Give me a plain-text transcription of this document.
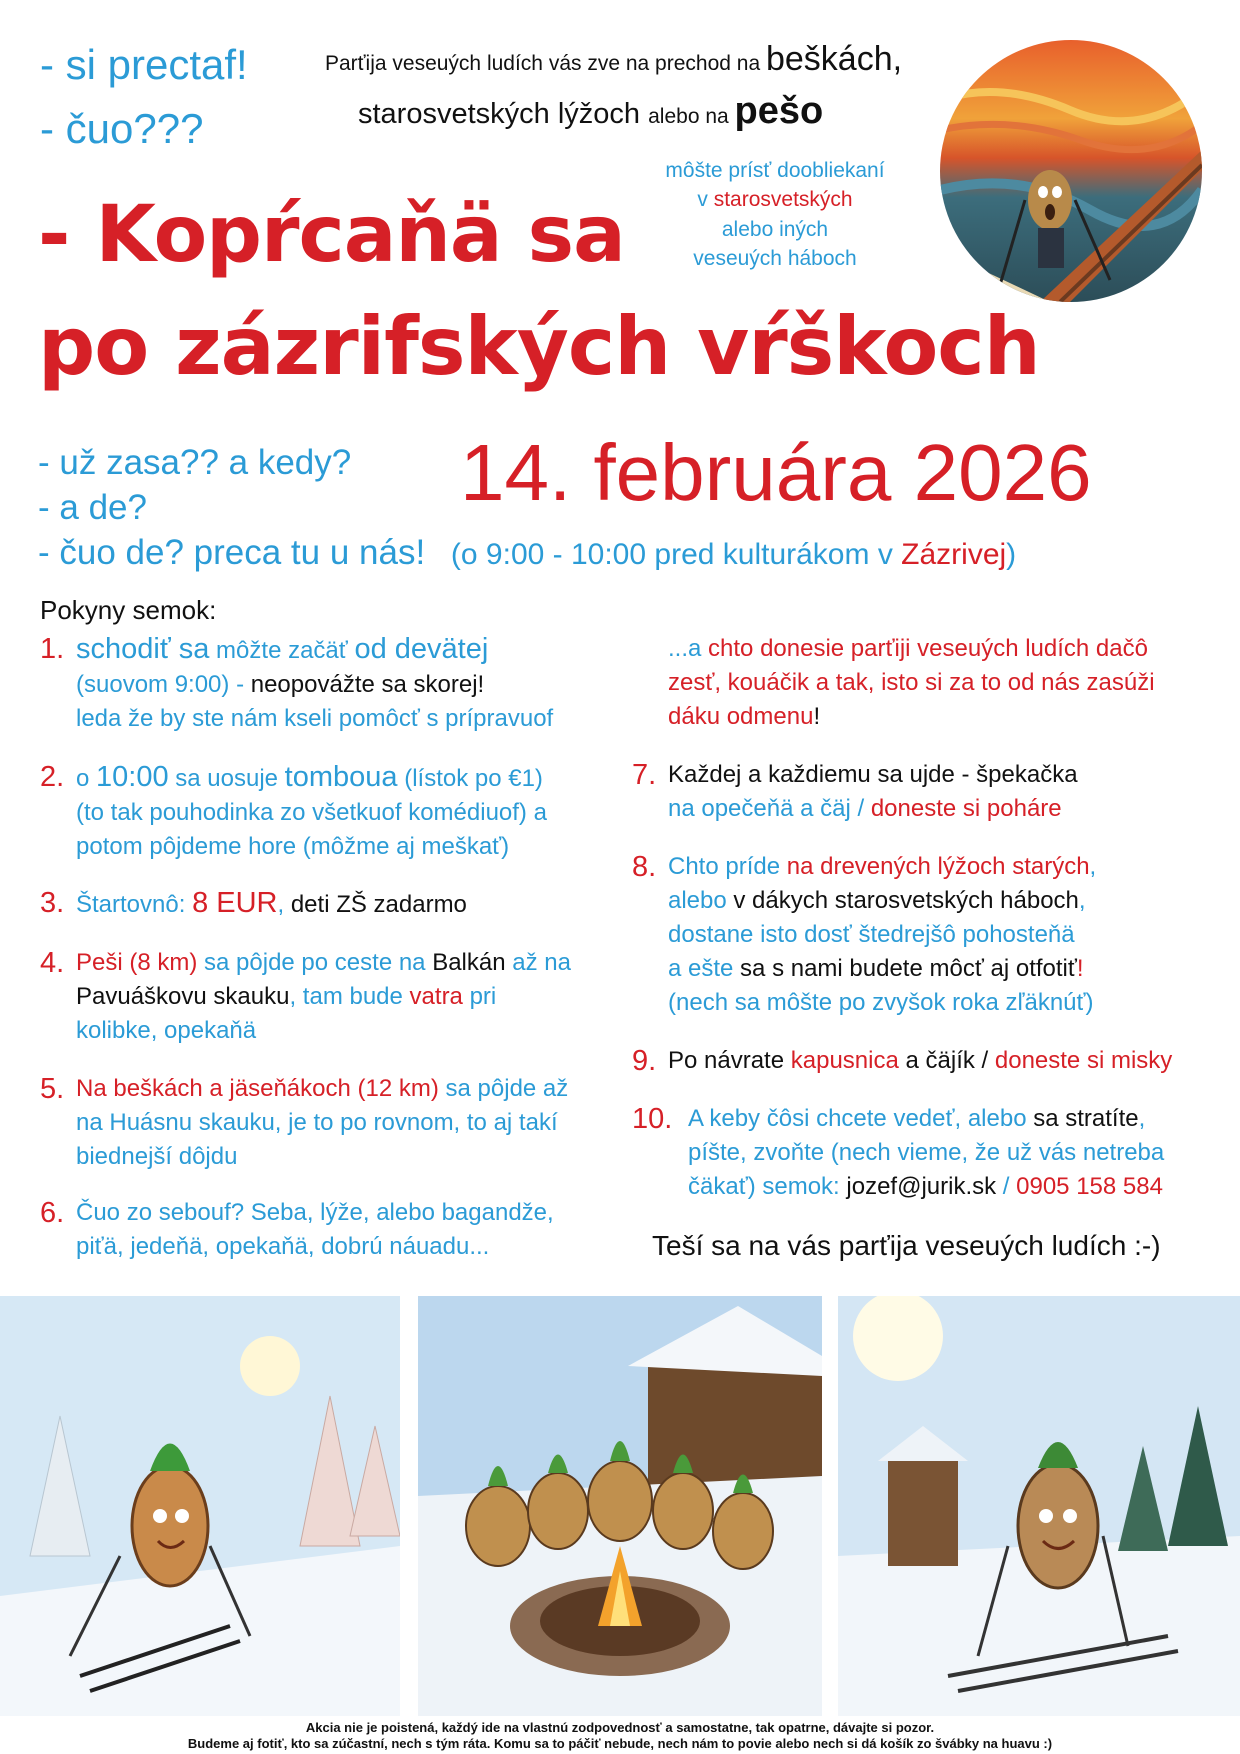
- si prectaf!
- čuo???
Parťija veseuých ludích vás zve na prechod na beškách,
starosvetských lýžoch alebo na pešo
môšte prísť doobliekaní
v starosvetských
alebo iných
veseuých háboch
- Kopŕcaňä sa
po zázrifských vŕškoch
- už zasa?? a kedy? 14. februára 2026
- a de?
- čuo de? preca tu u nás! (o 9:00 - 10:00 pred kulturákom v Zázrivej)
Pokyny semok:
1. schodiť sa môžte začäť od devätej
(suovom 9:00) - neopovážte sa skorej!
leda že by ste nám kseli pomôcť s prípravuof
2. o 10:00 sa uosuje tomboua (lístok po €1)
(to tak pouhodinka zo všetkuof komédiuof) a
potom pôjdeme hore (môžme aj meškať)
3. Štartovnô: 8 EUR, deti ZŠ zadarmo
4. Peši (8 km) sa pôjde po ceste na Balkán až na
Pavuáškovu skauku, tam bude vatra pri
kolibke, opekaňä
5. Na beškách a jäseňákoch (12 km) sa pôjde až
na Huásnu skauku, je to po rovnom, to aj takí
biednejší dôjdu
6. Čuo zo sebouf? Seba, lýže, alebo bagandže,
piťä, jedeňä, opekaňä, dobrú náuadu...
...a chto donesie parťiji veseuých ludích dačô
zesť, kouáčik a tak, isto si za to od nás zasúži
dáku odmenu!
7. Každej a každiemu sa ujde - špekačka
na opečeňä a čäj / doneste si poháre
8. Chto príde na drevených lýžoch starých,
alebo v dákych starosvetských háboch,
dostane isto dosť štedrejšô pohosteňä
a ešte sa s nami budete môcť aj otfotiť!
(nech sa môšte po zvyšok roka zľäknúť)
9. Po návrate kapusnica a čäjík / doneste si misky
10. A keby čôsi chcete vedeť, alebo sa stratíte,
píšte, zvoňte (nech vieme, že už vás netreba
čäkať) semok: jozef@jurik.sk / 0905 158 584
Teší sa na vás parťija veseuých ludích :-)
Akcia nie je poistená, každý ide na vlastnú zodpovednosť a samostatne, tak opatrne, dávajte si pozor.
Budeme aj fotiť, kto sa zúčastní, nech s tým ráta. Komu sa to páčiť nebude, nech nám to povie alebo nech si dá košík zo švábky na huavu :)
